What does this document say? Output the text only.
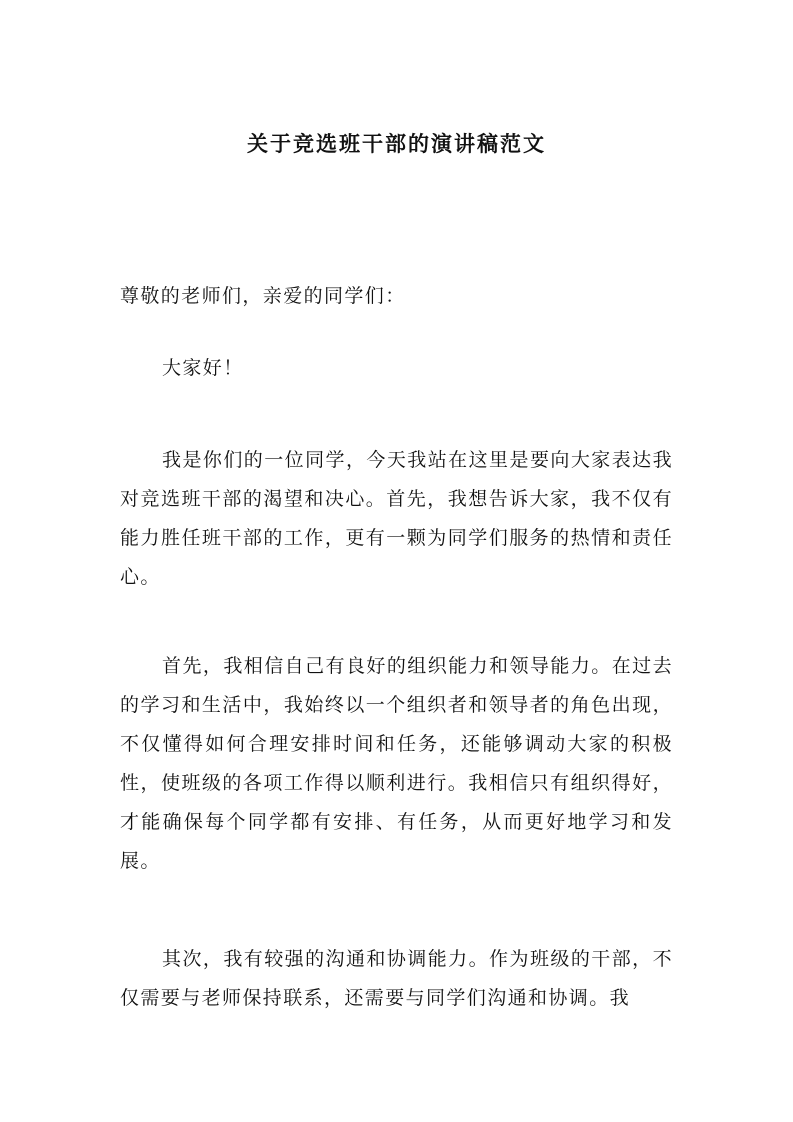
关于竞选班干部的演讲稿范文

尊敬的老师们，亲爱的同学们：

大家好！

我是你们的一位同学，今天我站在这里是要向大家表达我对竞选班干部的渴望和决心。首先，我想告诉大家，我不仅有能力胜任班干部的工作，更有一颗为同学们服务的热情和责任心。

首先，我相信自己有良好的组织能力和领导能力。在过去的学习和生活中，我始终以一个组织者和领导者的角色出现，不仅懂得如何合理安排时间和任务，还能够调动大家的积极性，使班级的各项工作得以顺利进行。我相信只有组织得好，才能确保每个同学都有安排、有任务，从而更好地学习和发展。

其次，我有较强的沟通和协调能力。作为班级的干部，不仅需要与老师保持联系，还需要与同学们沟通和协调。我
